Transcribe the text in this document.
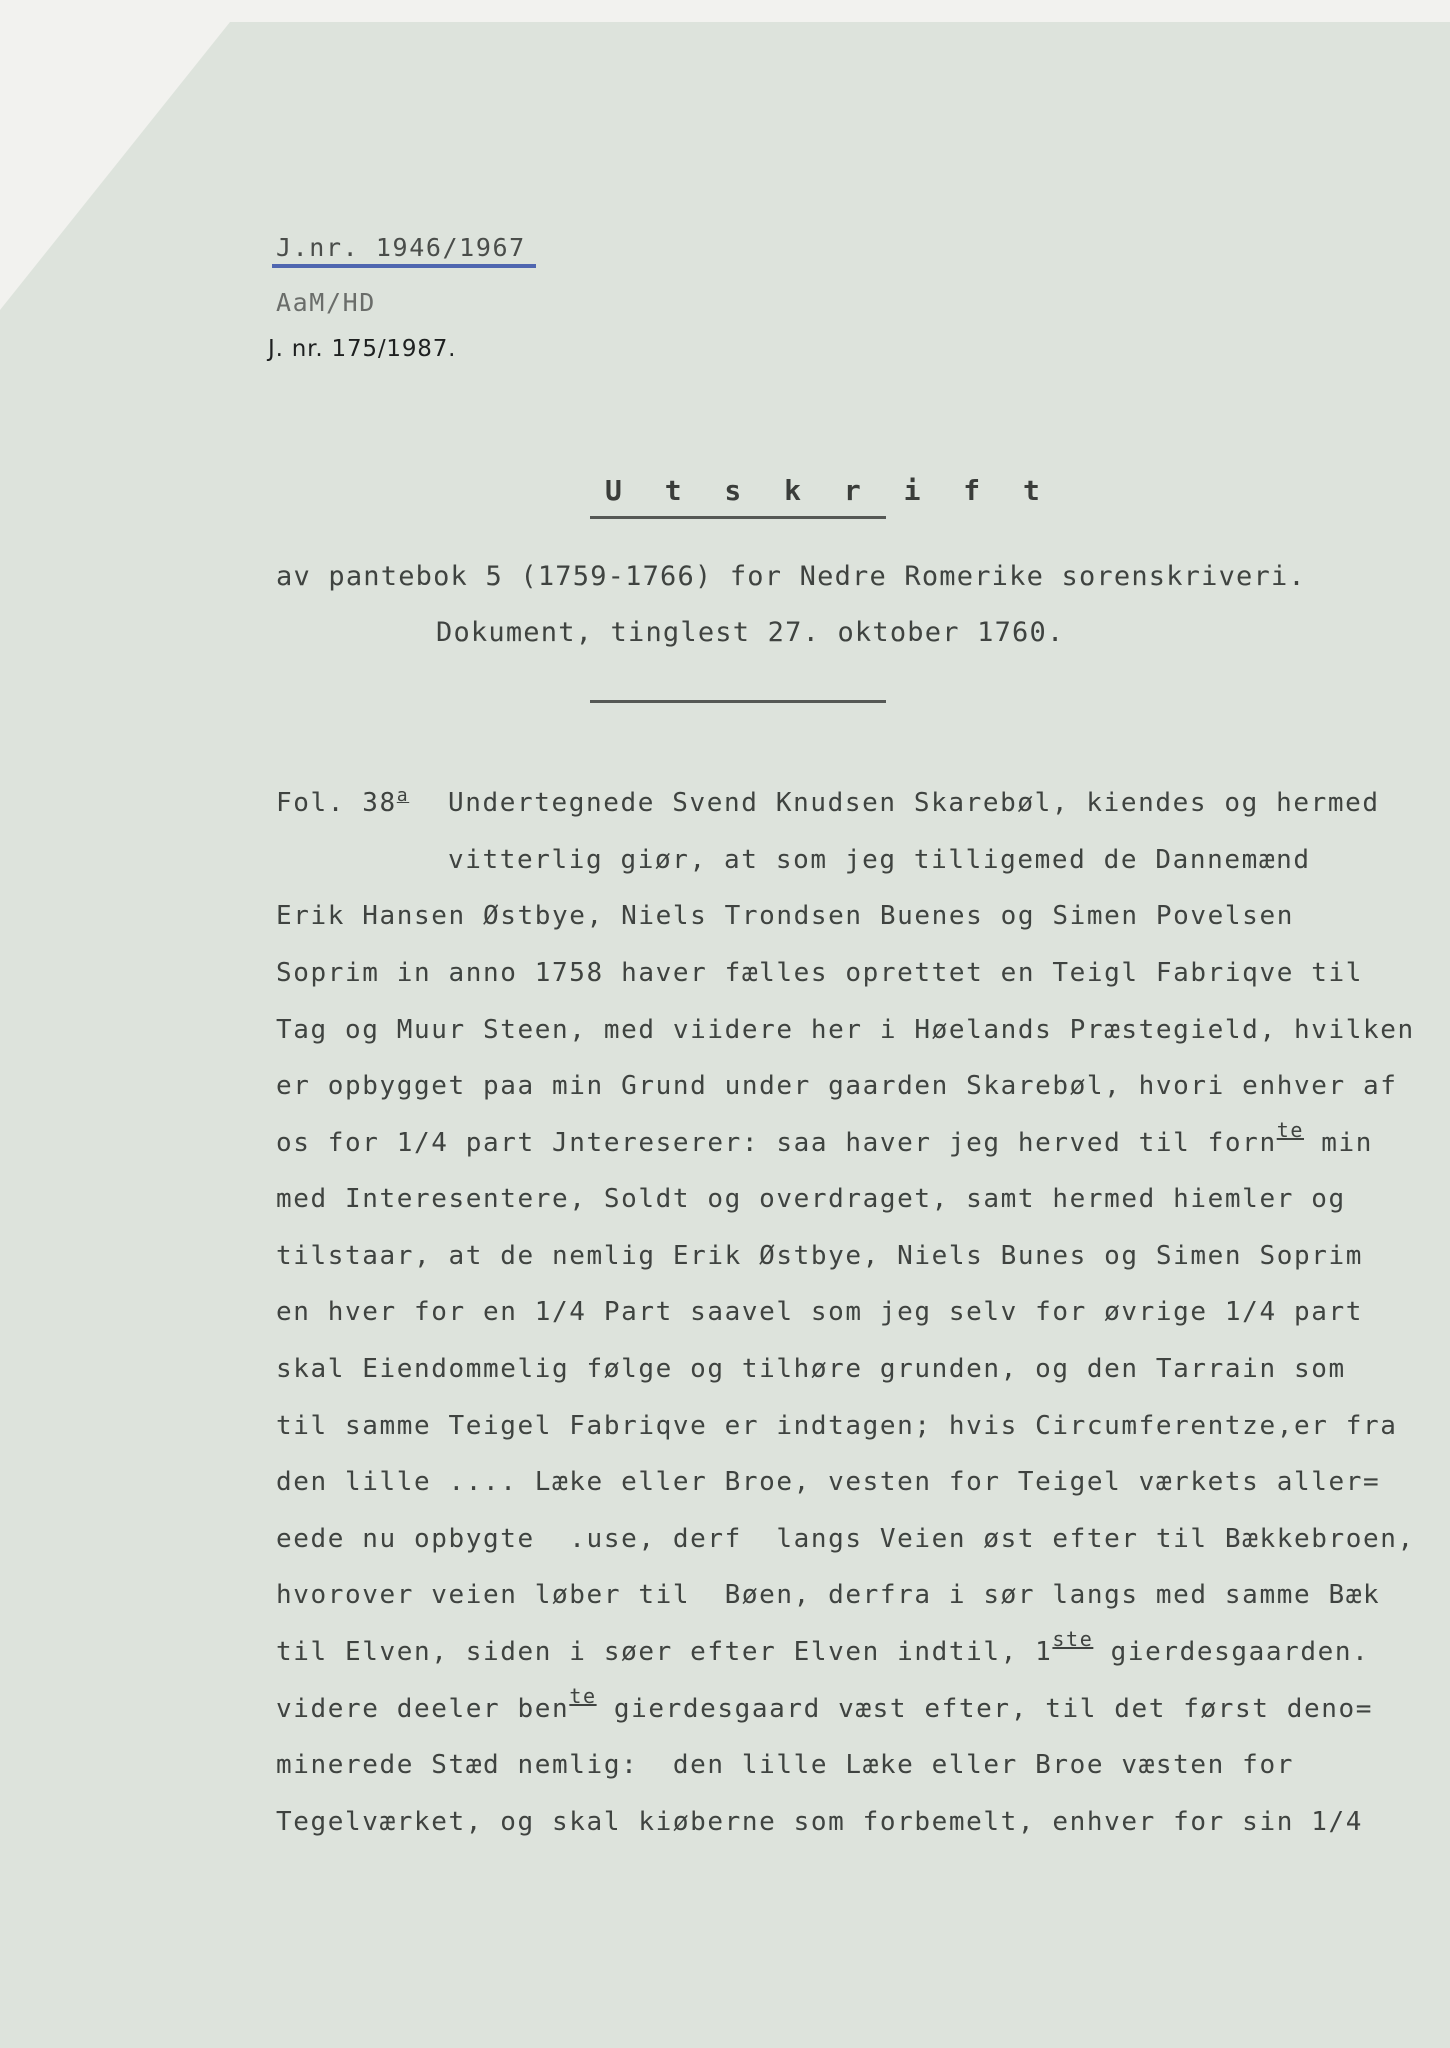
J.nr. 1946/1967
AaM/HD
J. nr. 175/1987.
U t s k r i f t
av pantebok 5 (1759-1766) for Nedre Romerike sorenskriveri.
Dokument, tinglest 27. oktober 1760.
Fol. 38$^a$ Undertegnede Svend Knudsen Skarebøl, kiendes og hermed
vitterlig giør, at som jeg tilligemed de Dannemænd
Erik Hansen Østbye, Niels Trondsen Buenes og Simen Povelsen
Soprim in anno 1758 haver fælles oprettet en Teigl Fabriqve til
Tag og Muur Steen, med viidere her i Høelands Præstegield, hvilken
er opbygget paa min Grund under gaarden Skarebøl, hvori enhver af
os for 1/4 part Jntereserer: saa haver jeg herved til forn$^{te}$ min
med Interesentere, Soldt og overdraget, samt hermed hiemler og
tilstaar, at de nemlig Erik Østbye, Niels Bunes og Simen Soprim
en hver for en 1/4 Part saavel som jeg selv for øvrige 1/4 part
skal Eiendommelig følge og tilhøre grunden, og den Tarrain som
til samme Teigel Fabriqve er indtagen; hvis Circumferentze,er fra
den lille .... Læke eller Broe, vesten for Teigel værkets aller=
eede nu opbygte  .use, derf  langs Veien øst efter til Bækkebroen,
hvorover veien løber til  Bøen, derfra i sør langs med samme Bæk
til Elven, siden i søer efter Elven indtil, 1ste gierdesgaarden.
videre deeler ben$^{te}$ gierdesgaard væst efter, til det først deno=
minerede Stæd nemlig:  den lille Læke eller Broe væsten for
Tegelværket, og skal kiøberne som forbemelt, enhver for sin 1/4
